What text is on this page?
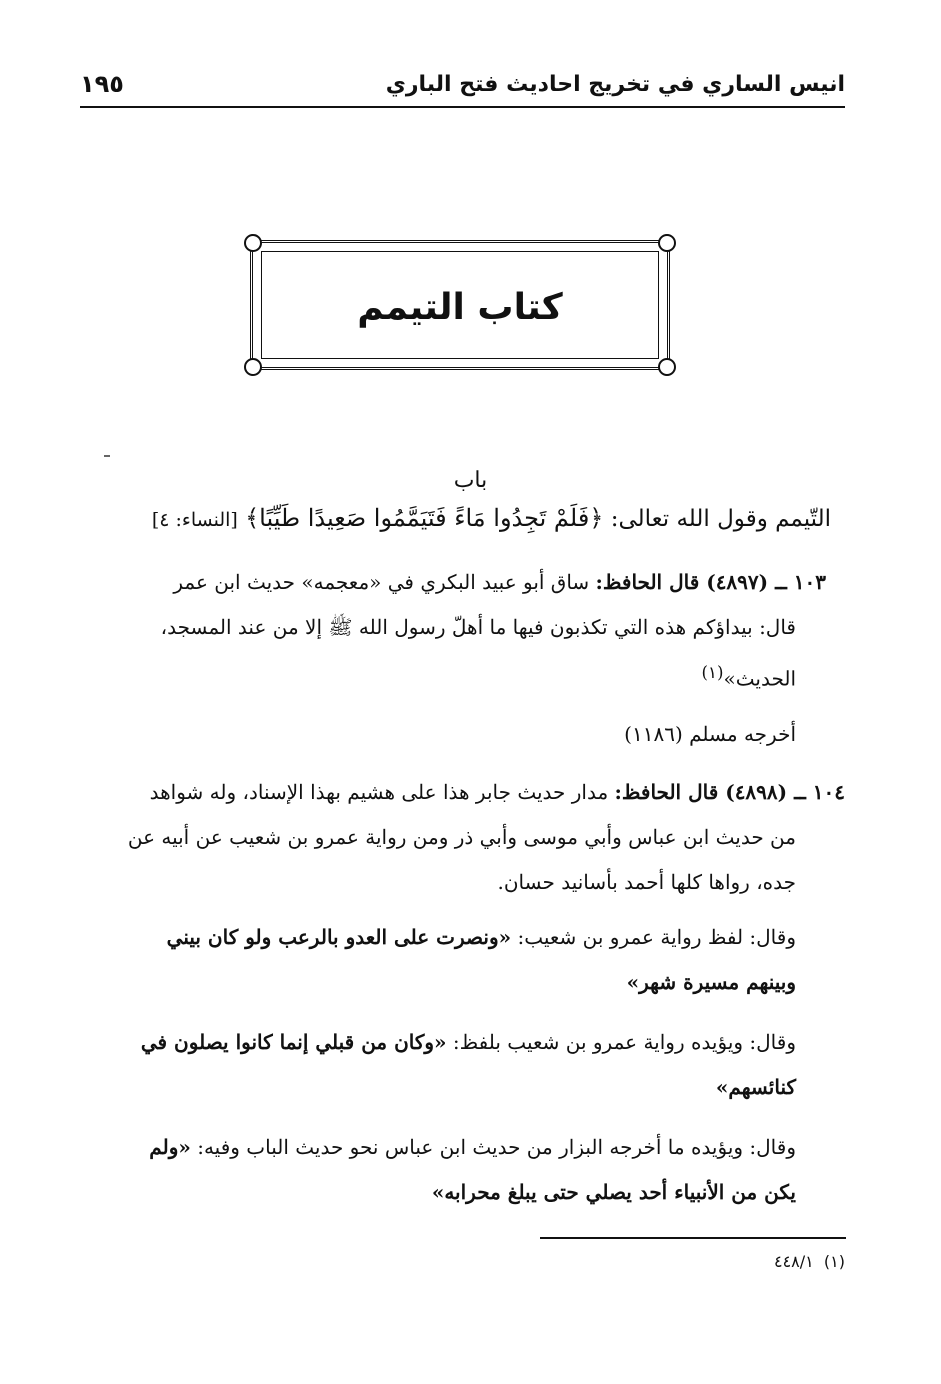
انيس الساري في تخريج احاديث فتح الباري
١٩٥
كتاب التيمم
باب
التّيمم وقول الله تعالى: ﴿فَلَمْ تَجِدُوا مَاءً فَتَيَمَّمُوا صَعِيدًا طَيِّبًا﴾ [النساء: ٤]
١٠٣ ــ (٤٨٩٧) قال الحافظ: ساق أبو عبيد البكري في «معجمه» حديث ابن عمر
قال: بيداؤكم هذه التي تكذبون فيها ما أهلّ رسول الله ﷺ إلا من عند المسجد،
الحديث»$^{(١)}$
أخرجه مسلم (١١٨٦)
١٠٤ ــ (٤٨٩٨) قال الحافظ: مدار حديث جابر هذا على هشيم بهذا الإسناد، وله شواهد
من حديث ابن عباس وأبي موسى وأبي ذر ومن رواية عمرو بن شعيب عن أبيه عن
جده، رواها كلها أحمد بأسانيد حسان.
وقال: لفظ رواية عمرو بن شعيب: «ونصرت على العدو بالرعب ولو كان بيني
وبينهم مسيرة شهر»
وقال: ويؤيده رواية عمرو بن شعيب بلفظ: «وكان من قبلي إنما كانوا يصلون في
كنائسهم»
وقال: ويؤيده ما أخرجه البزار من حديث ابن عباس نحو حديث الباب وفيه: «ولم
يكن من الأنبياء أحد يصلي حتى يبلغ محرابه»
(١)  ٤٤٨/١
